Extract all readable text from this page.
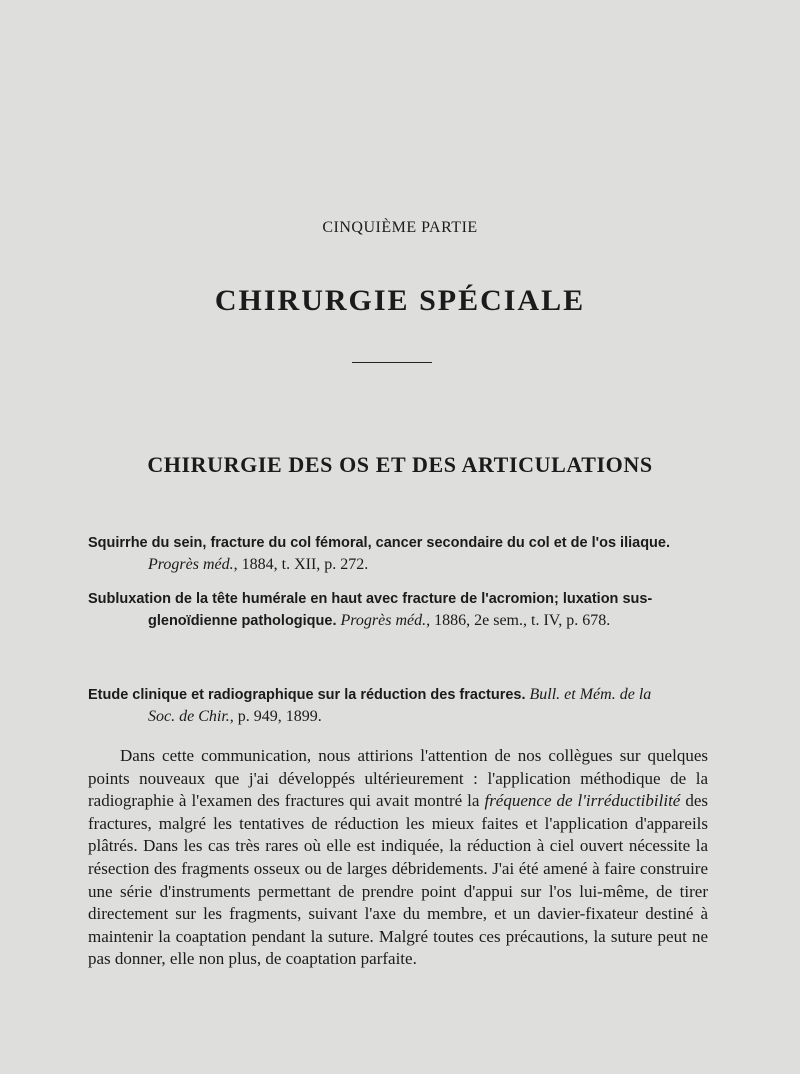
CINQUIÈME PARTIE
CHIRURGIE SPÉCIALE
CHIRURGIE DES OS ET DES ARTICULATIONS
Squirrhe du sein, fracture du col fémoral, cancer secondaire du col et de l'os iliaque.
Progrès méd., 1884, t. XII, p. 272.
Subluxation de la tête humérale en haut avec fracture de l'acromion; luxation sus-

glenoïdienne pathologique. Progrès méd., 1886, 2e sem., t. IV, p. 678.
Etude clinique et radiographique sur la réduction des fractures. Bull. et Mém. de la
Soc. de Chir., p. 949, 1899.

Dans cette communication, nous attirions l'attention de nos collègues sur quelques points nouveaux que j'ai développés ultérieurement : l'application méthodique de la radiographie à l'examen des fractures qui avait montré la fréquence de l'irréductibilité des fractures, malgré les tentatives de réduction les mieux faites et l'application d'appareils plâtrés. Dans les cas très rares où elle est indiquée, la réduction à ciel ouvert nécessite la résection des fragments osseux ou de larges débridements. J'ai été amené à faire construire une série d'instruments permettant de prendre point d'appui sur l'os lui-même, de tirer directement sur les fragments, suivant l'axe du membre, et un davier-fixateur destiné à maintenir la coaptation pendant la suture. Malgré toutes ces précautions, la suture peut ne pas donner, elle non plus, de coaptation parfaite.
